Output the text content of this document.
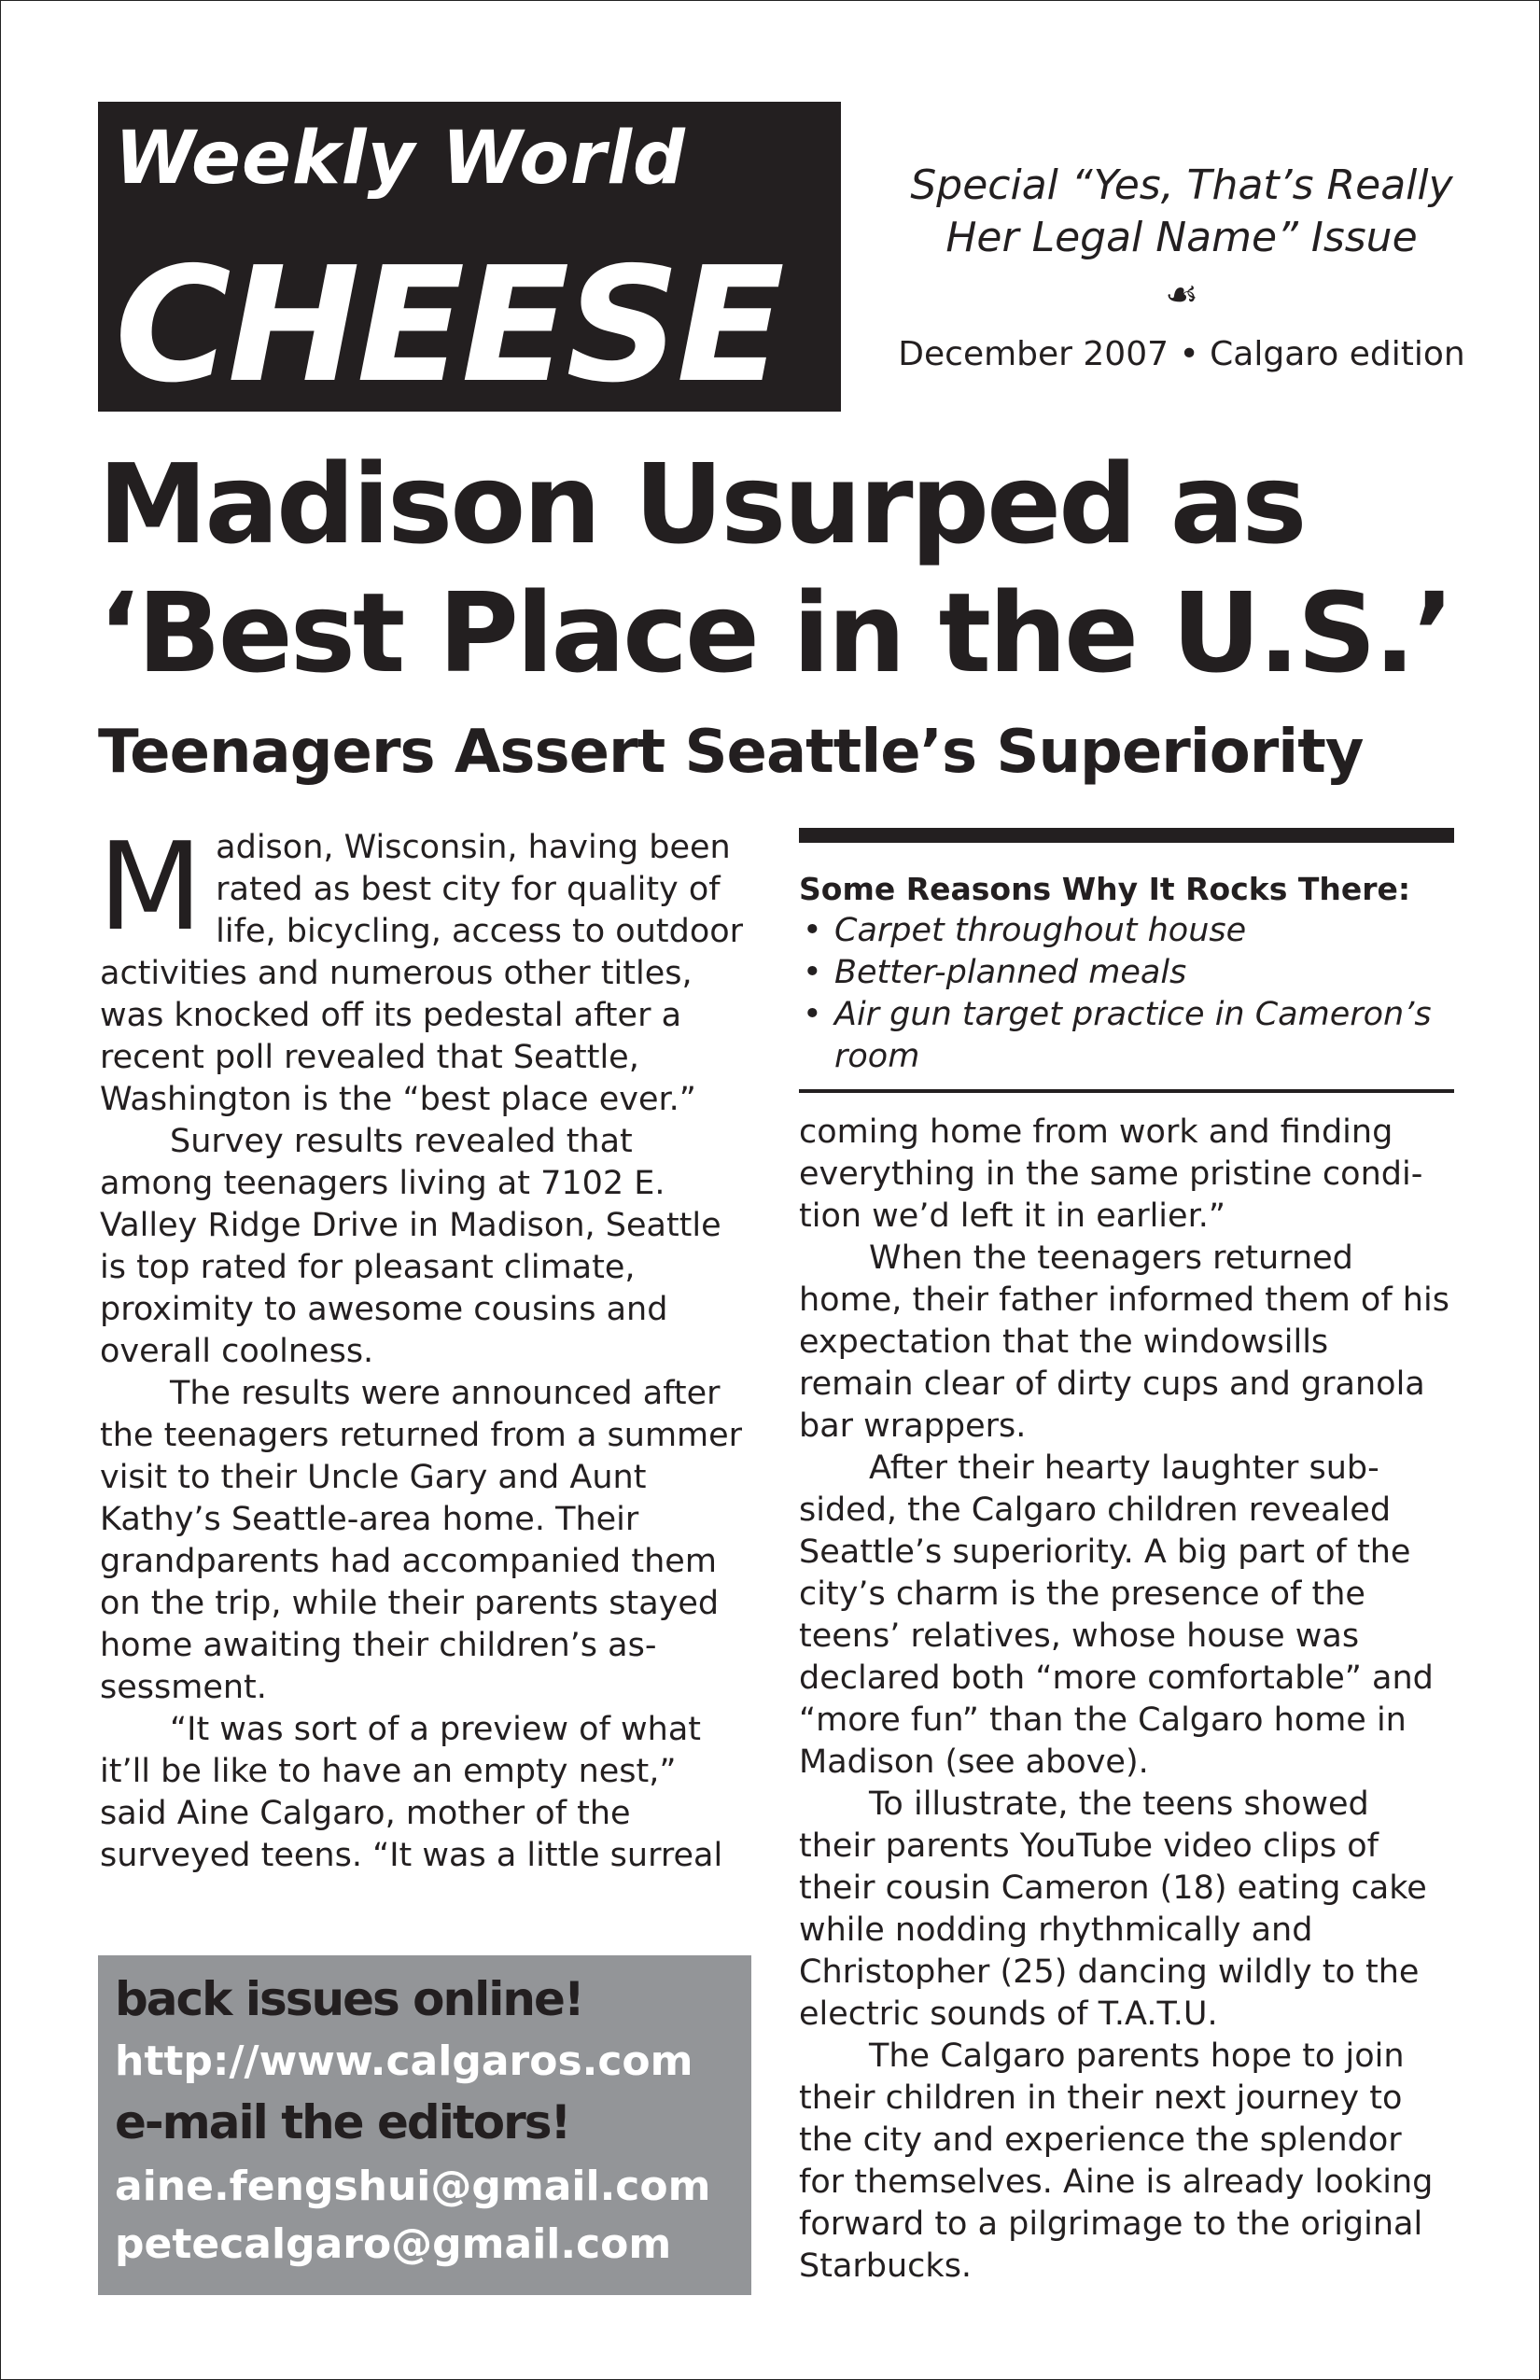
Weekly World
CHEESE
Special “Yes, That’s Really
Her Legal Name” Issue
☙
December 2007 • Calgaro edition
Madison Usurped as
‘Best Place in the U.S.’
Teenagers Assert Seattle’s Superiority

Madison, Wisconsin, having been rated as best city for quality of life, bicycling, access to outdoor activities and numerous other titles, was knocked off its pedestal after a recent poll revealed that Seattle, Washington is the “best place ever.”

Survey results revealed that among teenagers living at 7102 E. Valley Ridge Drive in Madison, Seattle is top rated for pleasant climate, proximity to awesome cousins and overall coolness.

The results were announced after the teenagers returned from a summer visit to their Uncle Gary and Aunt Kathy’s Seattle-area home. Their grandparents had accompanied them on the trip, while their parents stayed home awaiting their children’s assessment.

“It was sort of a preview of what it’ll be like to have an empty nest,” said Aine Calgaro, mother of the surveyed teens. “It was a little surreal

Some Reasons Why It Rocks There:
• Carpet throughout house
• Better-planned meals
• Air gun target practice in Cameron’s room

coming home from work and finding everything in the same pristine condition we’d left it in earlier.”

When the teenagers returned home, their father informed them of his expectation that the windowsills remain clear of dirty cups and granola bar wrappers.

After their hearty laughter subsided, the Calgaro children revealed Seattle’s superiority. A big part of the city’s charm is the presence of the teens’ relatives, whose house was declared both “more comfortable” and “more fun” than the Calgaro home in Madison (see above).

To illustrate, the teens showed their parents YouTube video clips of their cousin Cameron (18) eating cake while nodding rhythmically and Christopher (25) dancing wildly to the electric sounds of T.A.T.U.

The Calgaro parents hope to join their children in their next journey to the city and experience the splendor for themselves. Aine is already looking forward to a pilgrimage to the original Starbucks.

back issues online!
http://www.calgaros.com
e-mail the editors!
aine.fengshui@gmail.com
petecalgaro@gmail.com
